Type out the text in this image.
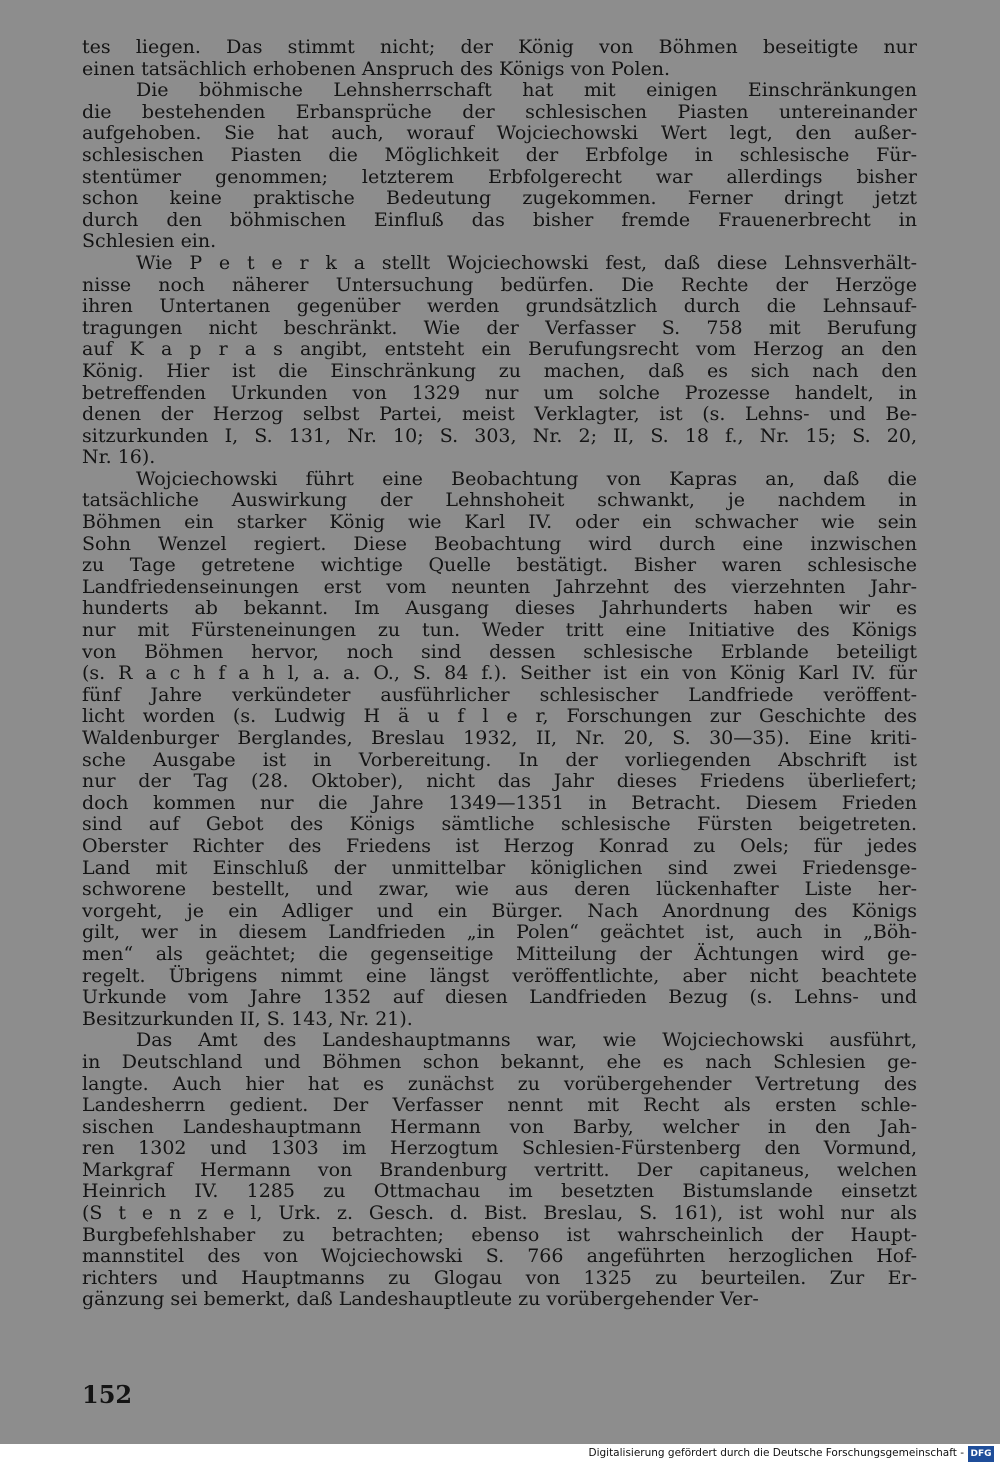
tes liegen. Das stimmt nicht; der König von Böhmen beseitigte nur
einen tatsächlich erhobenen Anspruch des Königs von Polen.
Die böhmische Lehnsherrschaft hat mit einigen Einschränkungen
die bestehenden Erbansprüche der schlesischen Piasten untereinander
aufgehoben. Sie hat auch, worauf Wojciechowski Wert legt, den außer-
schlesischen Piasten die Möglichkeit der Erbfolge in schlesische Für-
stentümer genommen; letzterem Erbfolgerecht war allerdings bisher
schon keine praktische Bedeutung zugekommen. Ferner dringt jetzt
durch den böhmischen Einfluß das bisher fremde Frauenerbrecht in
Schlesien ein.
Wie P e t e r k a stellt Wojciechowski fest, daß diese Lehnsverhält-
nisse noch näherer Untersuchung bedürfen. Die Rechte der Herzöge
ihren Untertanen gegenüber werden grundsätzlich durch die Lehnsauf-
tragungen nicht beschränkt. Wie der Verfasser S. 758 mit Berufung
auf K a p r a s angibt, entsteht ein Berufungsrecht vom Herzog an den
König. Hier ist die Einschränkung zu machen, daß es sich nach den
betreffenden Urkunden von 1329 nur um solche Prozesse handelt, in
denen der Herzog selbst Partei, meist Verklagter, ist (s. Lehns- und Be-
sitzurkunden I, S. 131, Nr. 10; S. 303, Nr. 2; II, S. 18 f., Nr. 15; S. 20,
Nr. 16).
Wojciechowski führt eine Beobachtung von Kapras an, daß die
tatsächliche Auswirkung der Lehnshoheit schwankt, je nachdem in
Böhmen ein starker König wie Karl IV. oder ein schwacher wie sein
Sohn Wenzel regiert. Diese Beobachtung wird durch eine inzwischen
zu Tage getretene wichtige Quelle bestätigt. Bisher waren schlesische
Landfriedenseinungen erst vom neunten Jahrzehnt des vierzehnten Jahr-
hunderts ab bekannt. Im Ausgang dieses Jahrhunderts haben wir es
nur mit Fürsteneinungen zu tun. Weder tritt eine Initiative des Königs
von Böhmen hervor, noch sind dessen schlesische Erblande beteiligt
(s. R a c h f a h l, a. a. O., S. 84 f.). Seither ist ein von König Karl IV. für
fünf Jahre verkündeter ausführlicher schlesischer Landfriede veröffent-
licht worden (s. Ludwig H ä u f l e r, Forschungen zur Geschichte des
Waldenburger Berglandes, Breslau 1932, II, Nr. 20, S. 30—35). Eine kriti-
sche Ausgabe ist in Vorbereitung. In der vorliegenden Abschrift ist
nur der Tag (28. Oktober), nicht das Jahr dieses Friedens überliefert;
doch kommen nur die Jahre 1349—1351 in Betracht. Diesem Frieden
sind auf Gebot des Königs sämtliche schlesische Fürsten beigetreten.
Oberster Richter des Friedens ist Herzog Konrad zu Oels; für jedes
Land mit Einschluß der unmittelbar königlichen sind zwei Friedensge-
schworene bestellt, und zwar, wie aus deren lückenhafter Liste her-
vorgeht, je ein Adliger und ein Bürger. Nach Anordnung des Königs
gilt, wer in diesem Landfrieden „in Polen“ geächtet ist, auch in „Böh-
men“ als geächtet; die gegenseitige Mitteilung der Ächtungen wird ge-
regelt. Übrigens nimmt eine längst veröffentlichte, aber nicht beachtete
Urkunde vom Jahre 1352 auf diesen Landfrieden Bezug (s. Lehns- und
Besitzurkunden II, S. 143, Nr. 21).
Das Amt des Landeshauptmanns war, wie Wojciechowski ausführt,
in Deutschland und Böhmen schon bekannt, ehe es nach Schlesien ge-
langte. Auch hier hat es zunächst zu vorübergehender Vertretung des
Landesherrn gedient. Der Verfasser nennt mit Recht als ersten schle-
sischen Landeshauptmann Hermann von Barby, welcher in den Jah-
ren 1302 und 1303 im Herzogtum Schlesien-Fürstenberg den Vormund,
Markgraf Hermann von Brandenburg vertritt. Der capitaneus, welchen
Heinrich IV. 1285 zu Ottmachau im besetzten Bistumslande einsetzt
(S t e n z e l, Urk. z. Gesch. d. Bist. Breslau, S. 161), ist wohl nur als
Burgbefehlshaber zu betrachten; ebenso ist wahrscheinlich der Haupt-
mannstitel des von Wojciechowski S. 766 angeführten herzoglichen Hof-
richters und Hauptmanns zu Glogau von 1325 zu beurteilen. Zur Er-
gänzung sei bemerkt, daß Landeshauptleute zu vorübergehender Ver-
152
Digitalisierung gefördert durch die Deutsche Forschungsgemeinschaft - DFG
